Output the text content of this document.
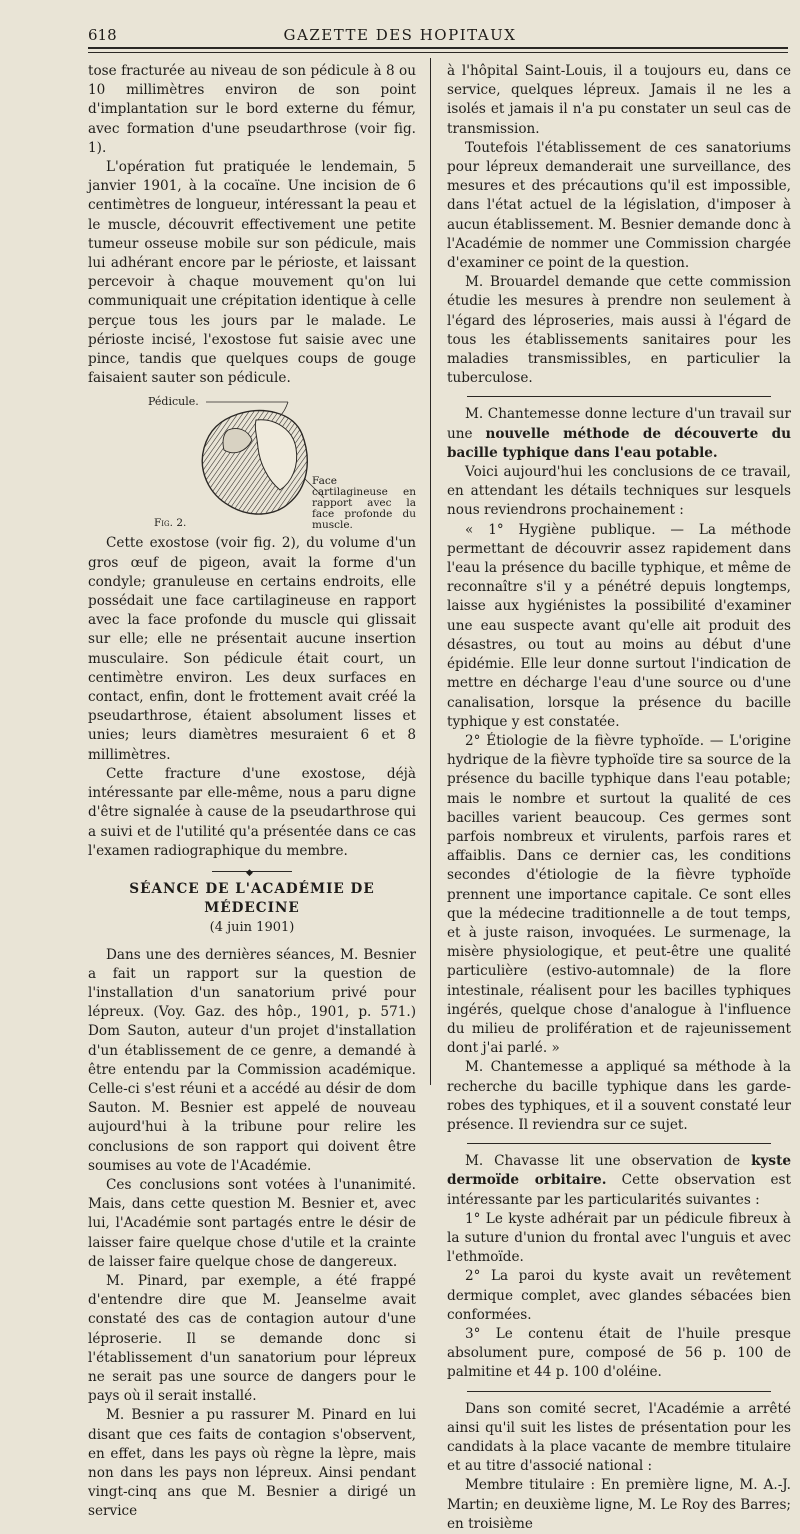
618	GAZETTE DES HOPITAUX

tose fracturée au niveau de son pédicule à 8 ou 10 millimètres environ de son point d'implantation sur le bord externe du fémur, avec formation d'une pseudarthrose (voir fig. 1).

L'opération fut pratiquée le lendemain, 5 janvier 1901, à la cocaïne. Une incision de 6 centimètres de longueur, intéressant la peau et le muscle, découvrit effectivement une petite tumeur osseuse mobile sur son pédicule, mais lui adhérant encore par le périoste, et laissant percevoir à chaque mouvement qu'on lui communiquait une crépitation identique à celle perçue tous les jours par le malade. Le périoste incisé, l'exostose fut saisie avec une pince, tandis que quelques coups de gouge faisaient sauter son pédicule.

Pédicule.
Face cartilagineuse en rapport avec la face profonde du muscle.
Fig. 2.

Cette exostose (voir fig. 2), du volume d'un gros œuf de pigeon, avait la forme d'un condyle; granuleuse en certains endroits, elle possédait une face cartilagineuse en rapport avec la face profonde du muscle qui glissait sur elle; elle ne présentait aucune insertion musculaire. Son pédicule était court, un centimètre environ. Les deux surfaces en contact, enfin, dont le frottement avait créé la pseudarthrose, étaient absolument lisses et unies; leurs diamètres mesuraient 6 et 8 millimètres.

Cette fracture d'une exostose, déjà intéressante par elle-même, nous a paru digne d'être signalée à cause de la pseudarthrose qui a suivi et de l'utilité qu'a présentée dans ce cas l'examen radiographique du membre.

◆
SÉANCE DE L'ACADÉMIE DE MÉDECINE
(4 juin 1901)

Dans une des dernières séances, M. Besnier a fait un rapport sur la question de l'installation d'un sanatorium privé pour lépreux. (Voy. Gaz. des hôp., 1901, p. 571.) Dom Sauton, auteur d'un projet d'installation d'un établissement de ce genre, a demandé à être entendu par la Commission académique. Celle-ci s'est réuni et a accédé au désir de dom Sauton. M. Besnier est appelé de nouveau aujourd'hui à la tribune pour relire les conclusions de son rapport qui doivent être soumises au vote de l'Académie.

Ces conclusions sont votées à l'unanimité. Mais, dans cette question M. Besnier et, avec lui, l'Académie sont partagés entre le désir de laisser faire quelque chose d'utile et la crainte de laisser faire quelque chose de dangereux.

M. Pinard, par exemple, a été frappé d'entendre dire que M. Jeanselme avait constaté des cas de contagion autour d'une léproserie. Il se demande donc si l'établissement d'un sanatorium pour lépreux ne serait pas une source de dangers pour le pays où il serait installé.

M. Besnier a pu rassurer M. Pinard en lui disant que ces faits de contagion s'observent, en effet, dans les pays où règne la lèpre, mais non dans les pays non lépreux. Ainsi pendant vingt-cinq ans que M. Besnier a dirigé un service

à l'hôpital Saint-Louis, il a toujours eu, dans ce service, quelques lépreux. Jamais il ne les a isolés et jamais il n'a pu constater un seul cas de transmission.

Toutefois l'établissement de ces sanatoriums pour lépreux demanderait une surveillance, des mesures et des précautions qu'il est impossible, dans l'état actuel de la législation, d'imposer à aucun établissement. M. Besnier demande donc à l'Académie de nommer une Commission chargée d'examiner ce point de la question.

M. Brouardel demande que cette commission étudie les mesures à prendre non seulement à l'égard des léproseries, mais aussi à l'égard de tous les établissements sanitaires pour les maladies transmissibles, en particulier la tuberculose.

M. Chantemesse donne lecture d'un travail sur une nouvelle méthode de découverte du bacille typhique dans l'eau potable.

Voici aujourd'hui les conclusions de ce travail, en attendant les détails techniques sur lesquels nous reviendrons prochainement :

« 1° Hygiène publique. — La méthode permettant de découvrir assez rapidement dans l'eau la présence du bacille typhique, et même de reconnaître s'il y a pénétré depuis longtemps, laisse aux hygiénistes la possibilité d'examiner une eau suspecte avant qu'elle ait produit des désastres, ou tout au moins au début d'une épidémie. Elle leur donne surtout l'indication de mettre en décharge l'eau d'une source ou d'une canalisation, lorsque la présence du bacille typhique y est constatée.

2° Étiologie de la fièvre typhoïde. — L'origine hydrique de la fièvre typhoïde tire sa source de la présence du bacille typhique dans l'eau potable; mais le nombre et surtout la qualité de ces bacilles varient beaucoup. Ces germes sont parfois nombreux et virulents, parfois rares et affaiblis. Dans ce dernier cas, les conditions secondes d'étiologie de la fièvre typhoïde prennent une importance capitale. Ce sont elles que la médecine traditionnelle a de tout temps, et à juste raison, invoquées. Le surmenage, la misère physiologique, et peut-être une qualité particulière (estivo-automnale) de la flore intestinale, réalisent pour les bacilles typhiques ingérés, quelque chose d'analogue à l'influence du milieu de prolifération et de rajeunissement dont j'ai parlé. »

M. Chantemesse a appliqué sa méthode à la recherche du bacille typhique dans les garde-robes des typhiques, et il a souvent constaté leur présence. Il reviendra sur ce sujet.

M. Chavasse lit une observation de kyste dermoïde orbitaire. Cette observation est intéressante par les particularités suivantes :

1° Le kyste adhérait par un pédicule fibreux à la suture d'union du frontal avec l'unguis et avec l'ethmoïde.

2° La paroi du kyste avait un revêtement dermique complet, avec glandes sébacées bien conformées.

3° Le contenu était de l'huile presque absolument pure, composé de 56 p. 100 de palmitine et 44 p. 100 d'oléine.

Dans son comité secret, l'Académie a arrêté ainsi qu'il suit les listes de présentation pour les candidats à la place vacante de membre titulaire et au titre d'associé national :

Membre titulaire : En première ligne, M. A.-J. Martin; en deuxième ligne, M. Le Roy des Barres; en troisième
